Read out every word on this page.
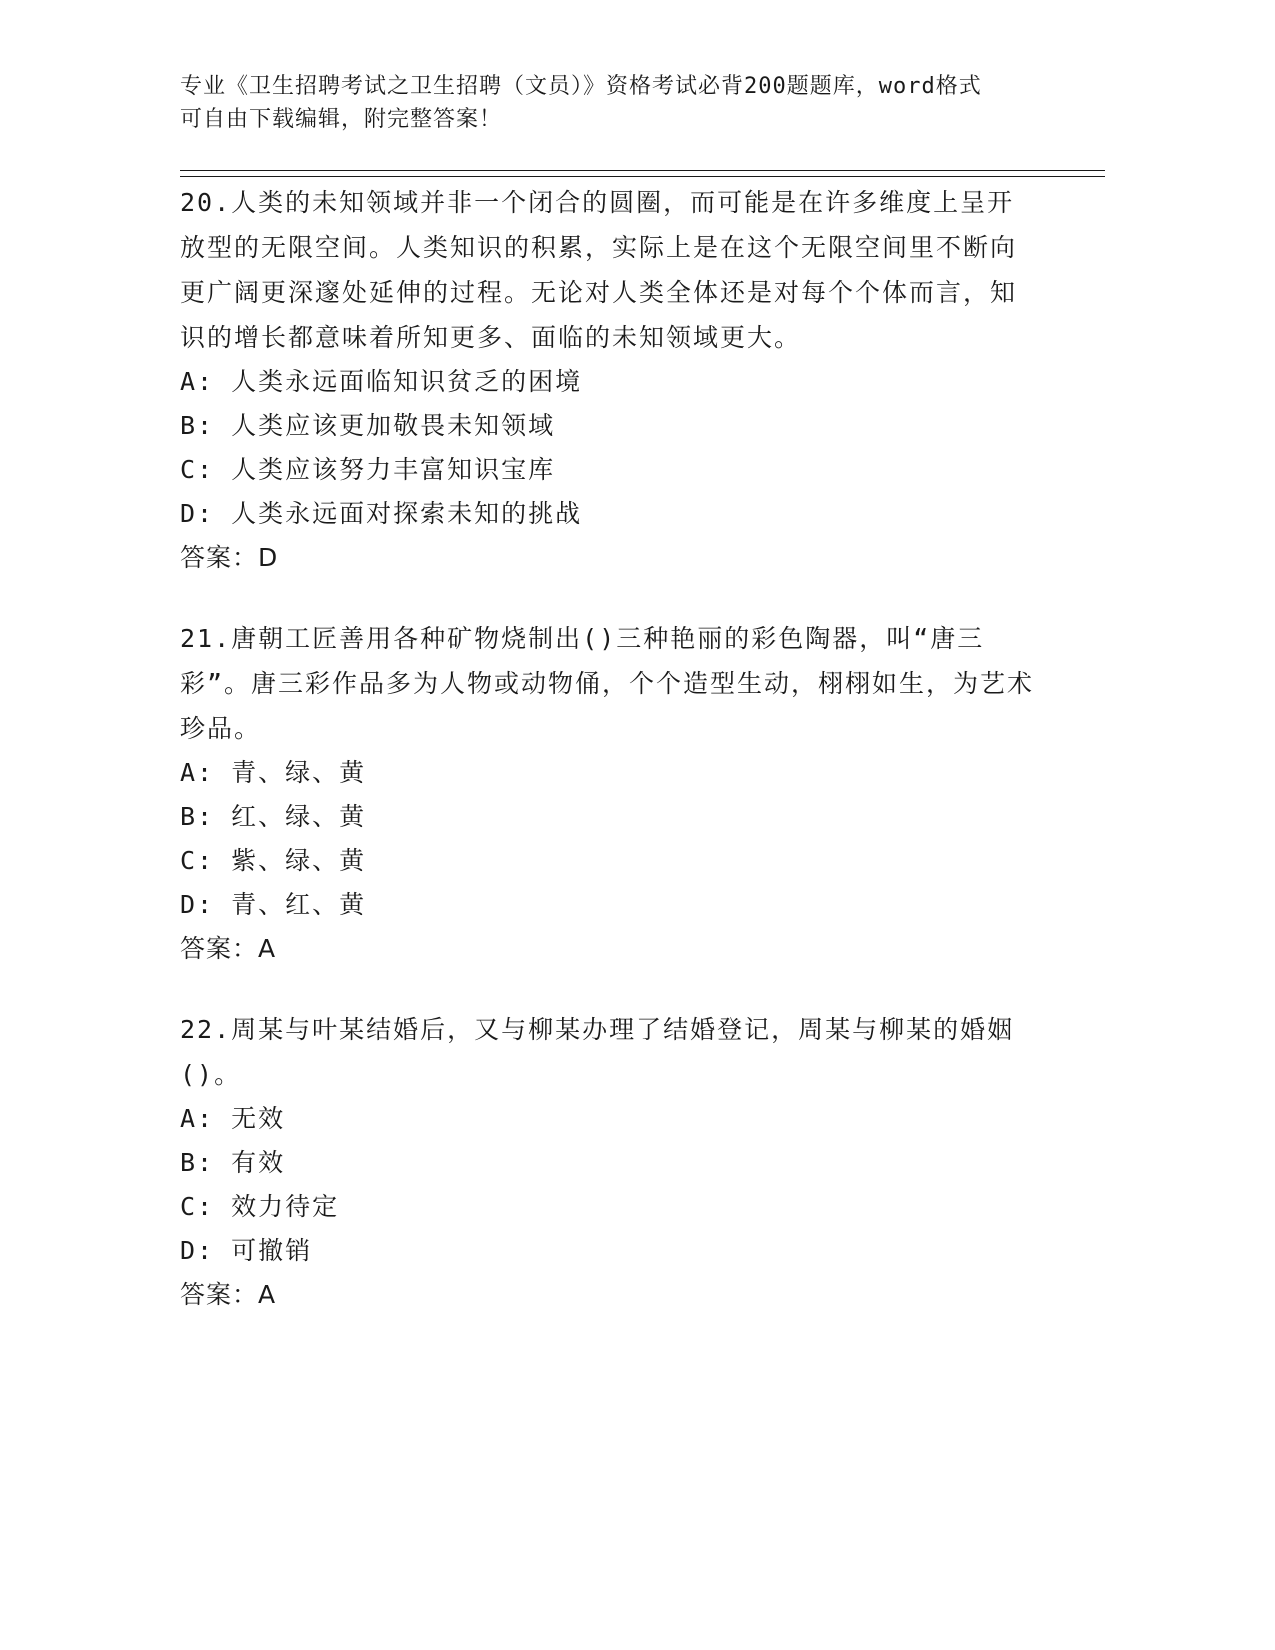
专业《卫生招聘考试之卫生招聘（文员）》资格考试必背200题题库，word格式
可自由下载编辑，附完整答案！
20.人类的未知领域并非一个闭合的圆圈，而可能是在许多维度上呈开放型的无限空间。人类知识的积累，实际上是在这个无限空间里不断向更广阔更深邃处延伸的过程。无论对人类全体还是对每个个体而言，知识的增长都意味着所知更多、面临的未知领域更大。
A: 人类永远面临知识贫乏的困境
B: 人类应该更加敬畏未知领域
C: 人类应该努力丰富知识宝库
D: 人类永远面对探索未知的挑战
答案：D
21.唐朝工匠善用各种矿物烧制出()三种艳丽的彩色陶器，叫“唐三彩”。唐三彩作品多为人物或动物俑，个个造型生动，栩栩如生，为艺术珍品。
A: 青、绿、黄
B: 红、绿、黄
C: 紫、绿、黄
D: 青、红、黄
答案：A
22.周某与叶某结婚后，又与柳某办理了结婚登记，周某与柳某的婚姻()。
A: 无效
B: 有效
C: 效力待定
D: 可撤销
答案：A
